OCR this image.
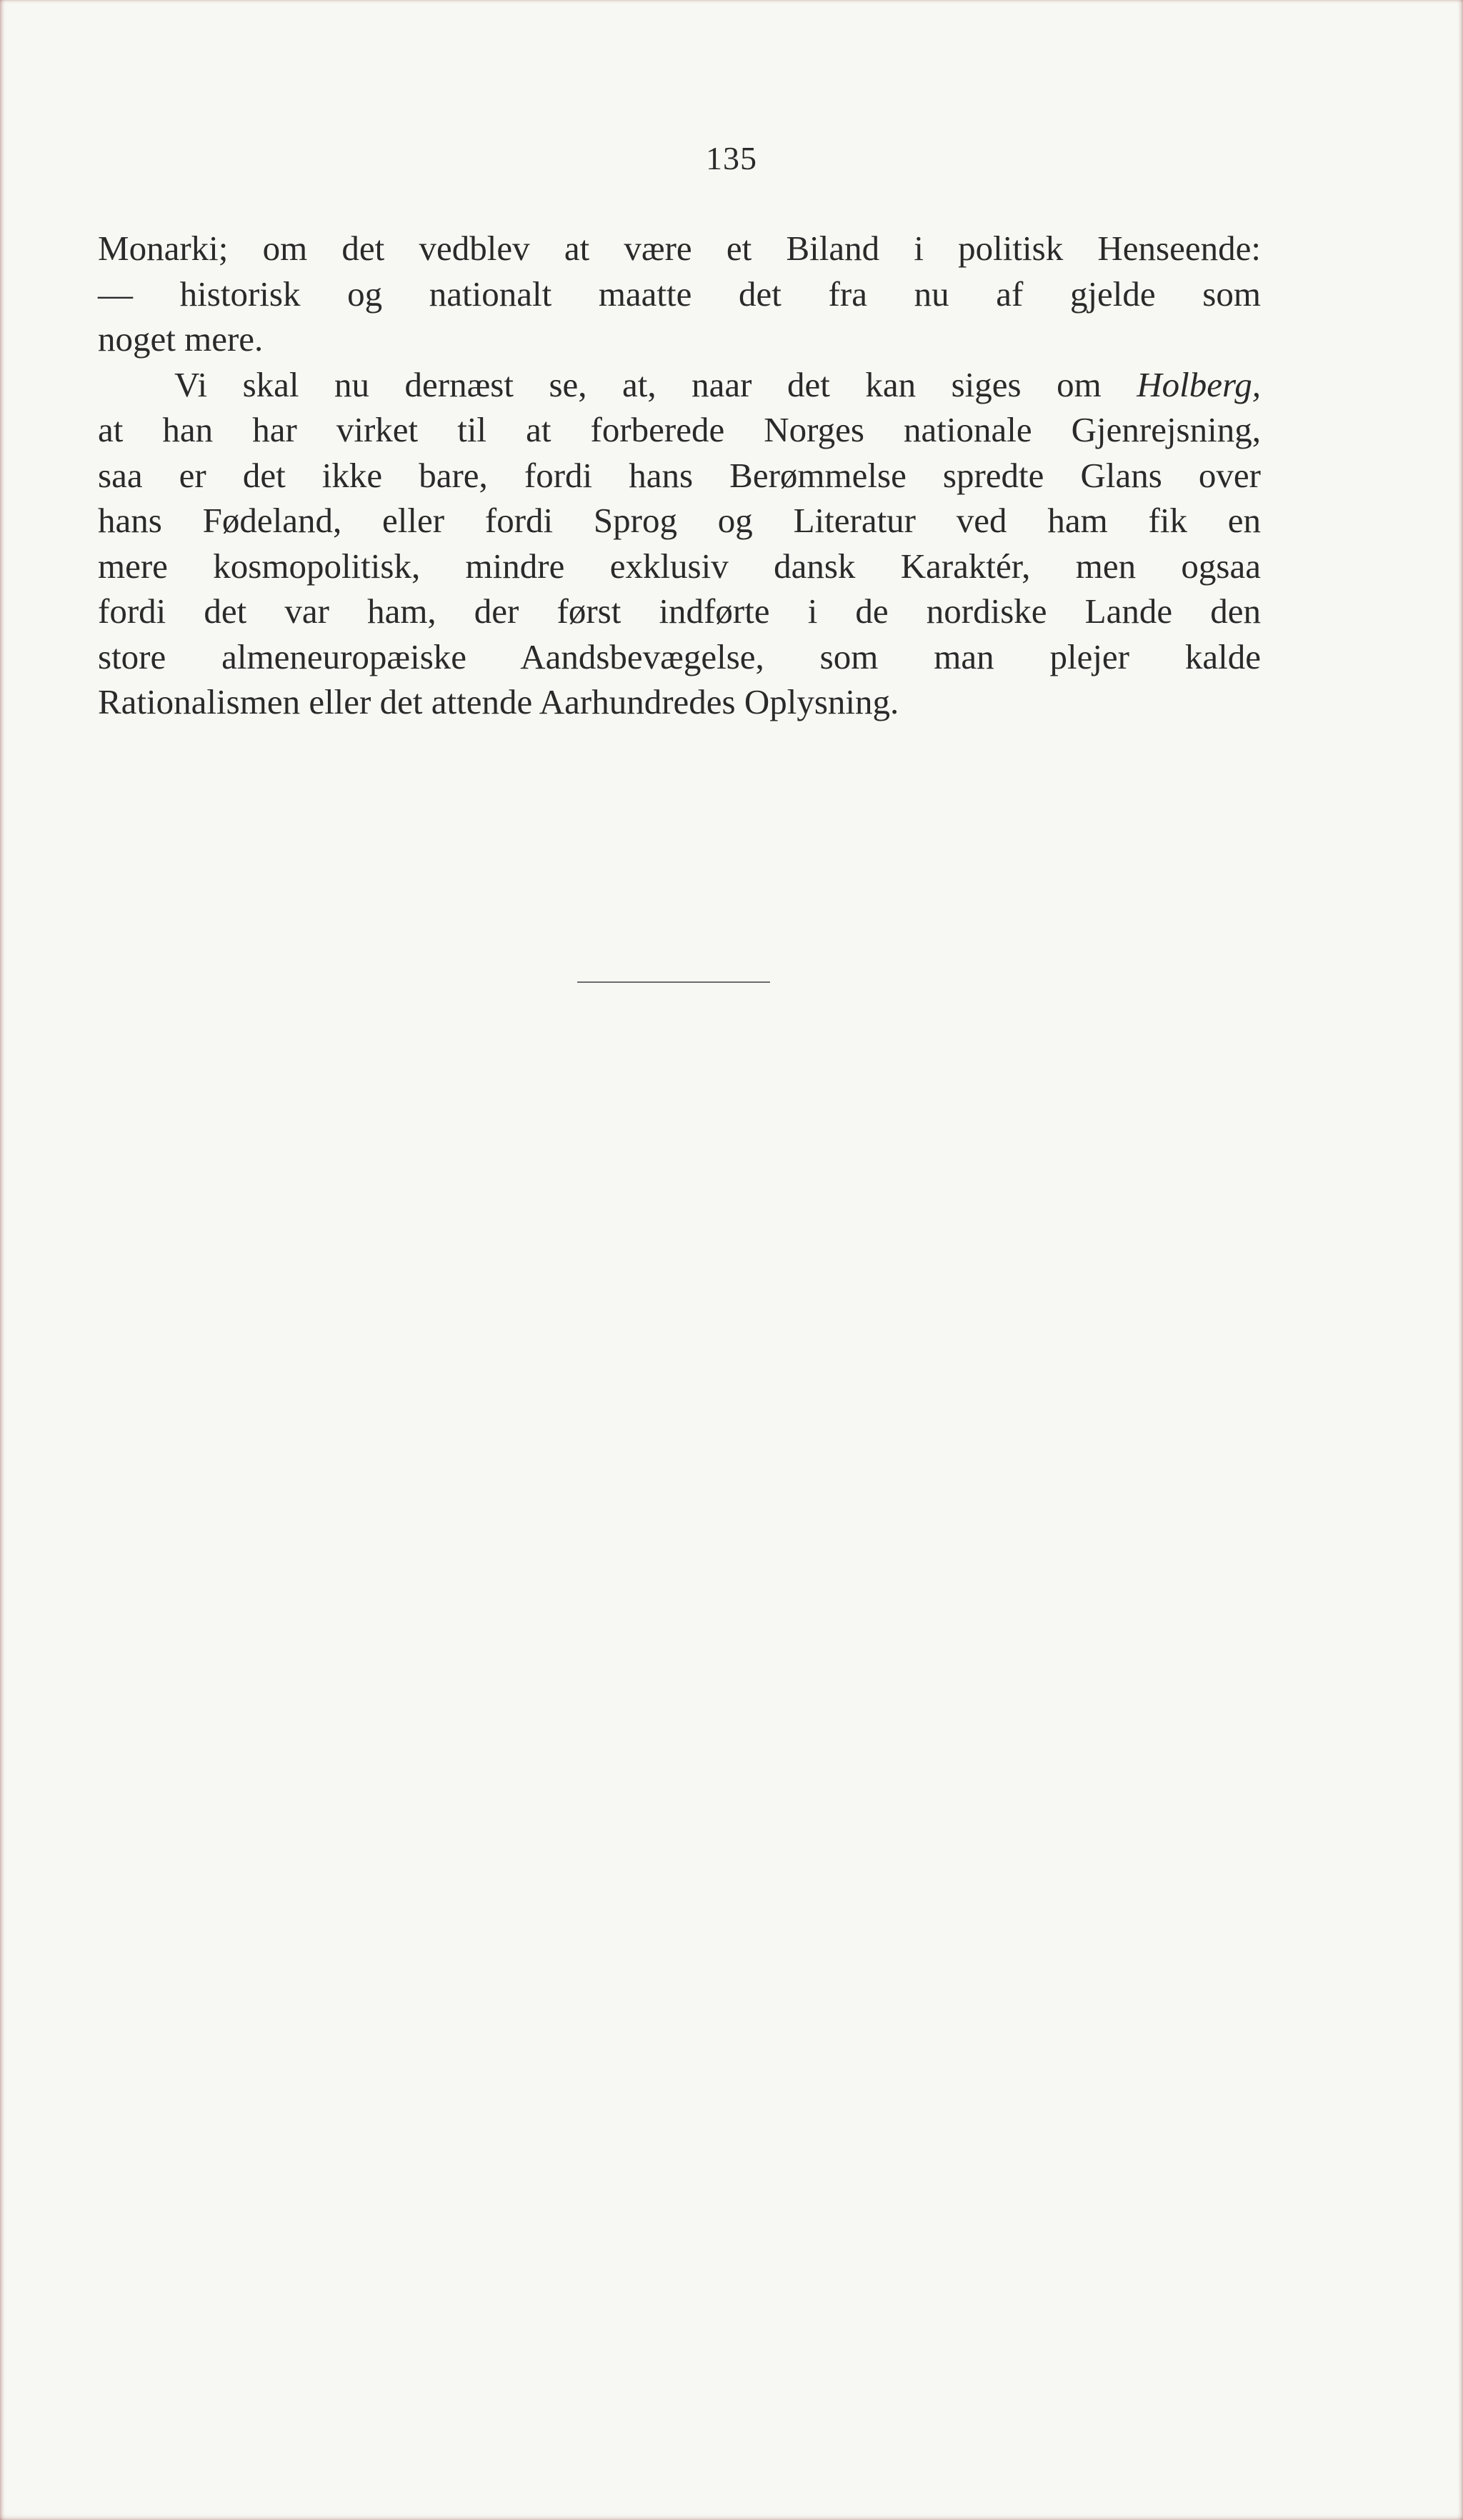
135
Monarki; om det vedblev at være et Biland i politisk Henseende:
— historisk og nationalt maatte det fra nu af gjelde som
noget mere.
Vi skal nu dernæst se, at, naar det kan siges om Holberg,
at han har virket til at forberede Norges nationale Gjenrejsning,
saa er det ikke bare, fordi hans Berømmelse spredte Glans over
hans Fødeland, eller fordi Sprog og Literatur ved ham fik en
mere kosmopolitisk, mindre exklusiv dansk Karaktér, men ogsaa
fordi det var ham, der først indførte i de nordiske Lande den
store almeneuropæiske Aandsbevægelse, som man plejer kalde
Rationalismen eller det attende Aarhundredes Oplysning.
